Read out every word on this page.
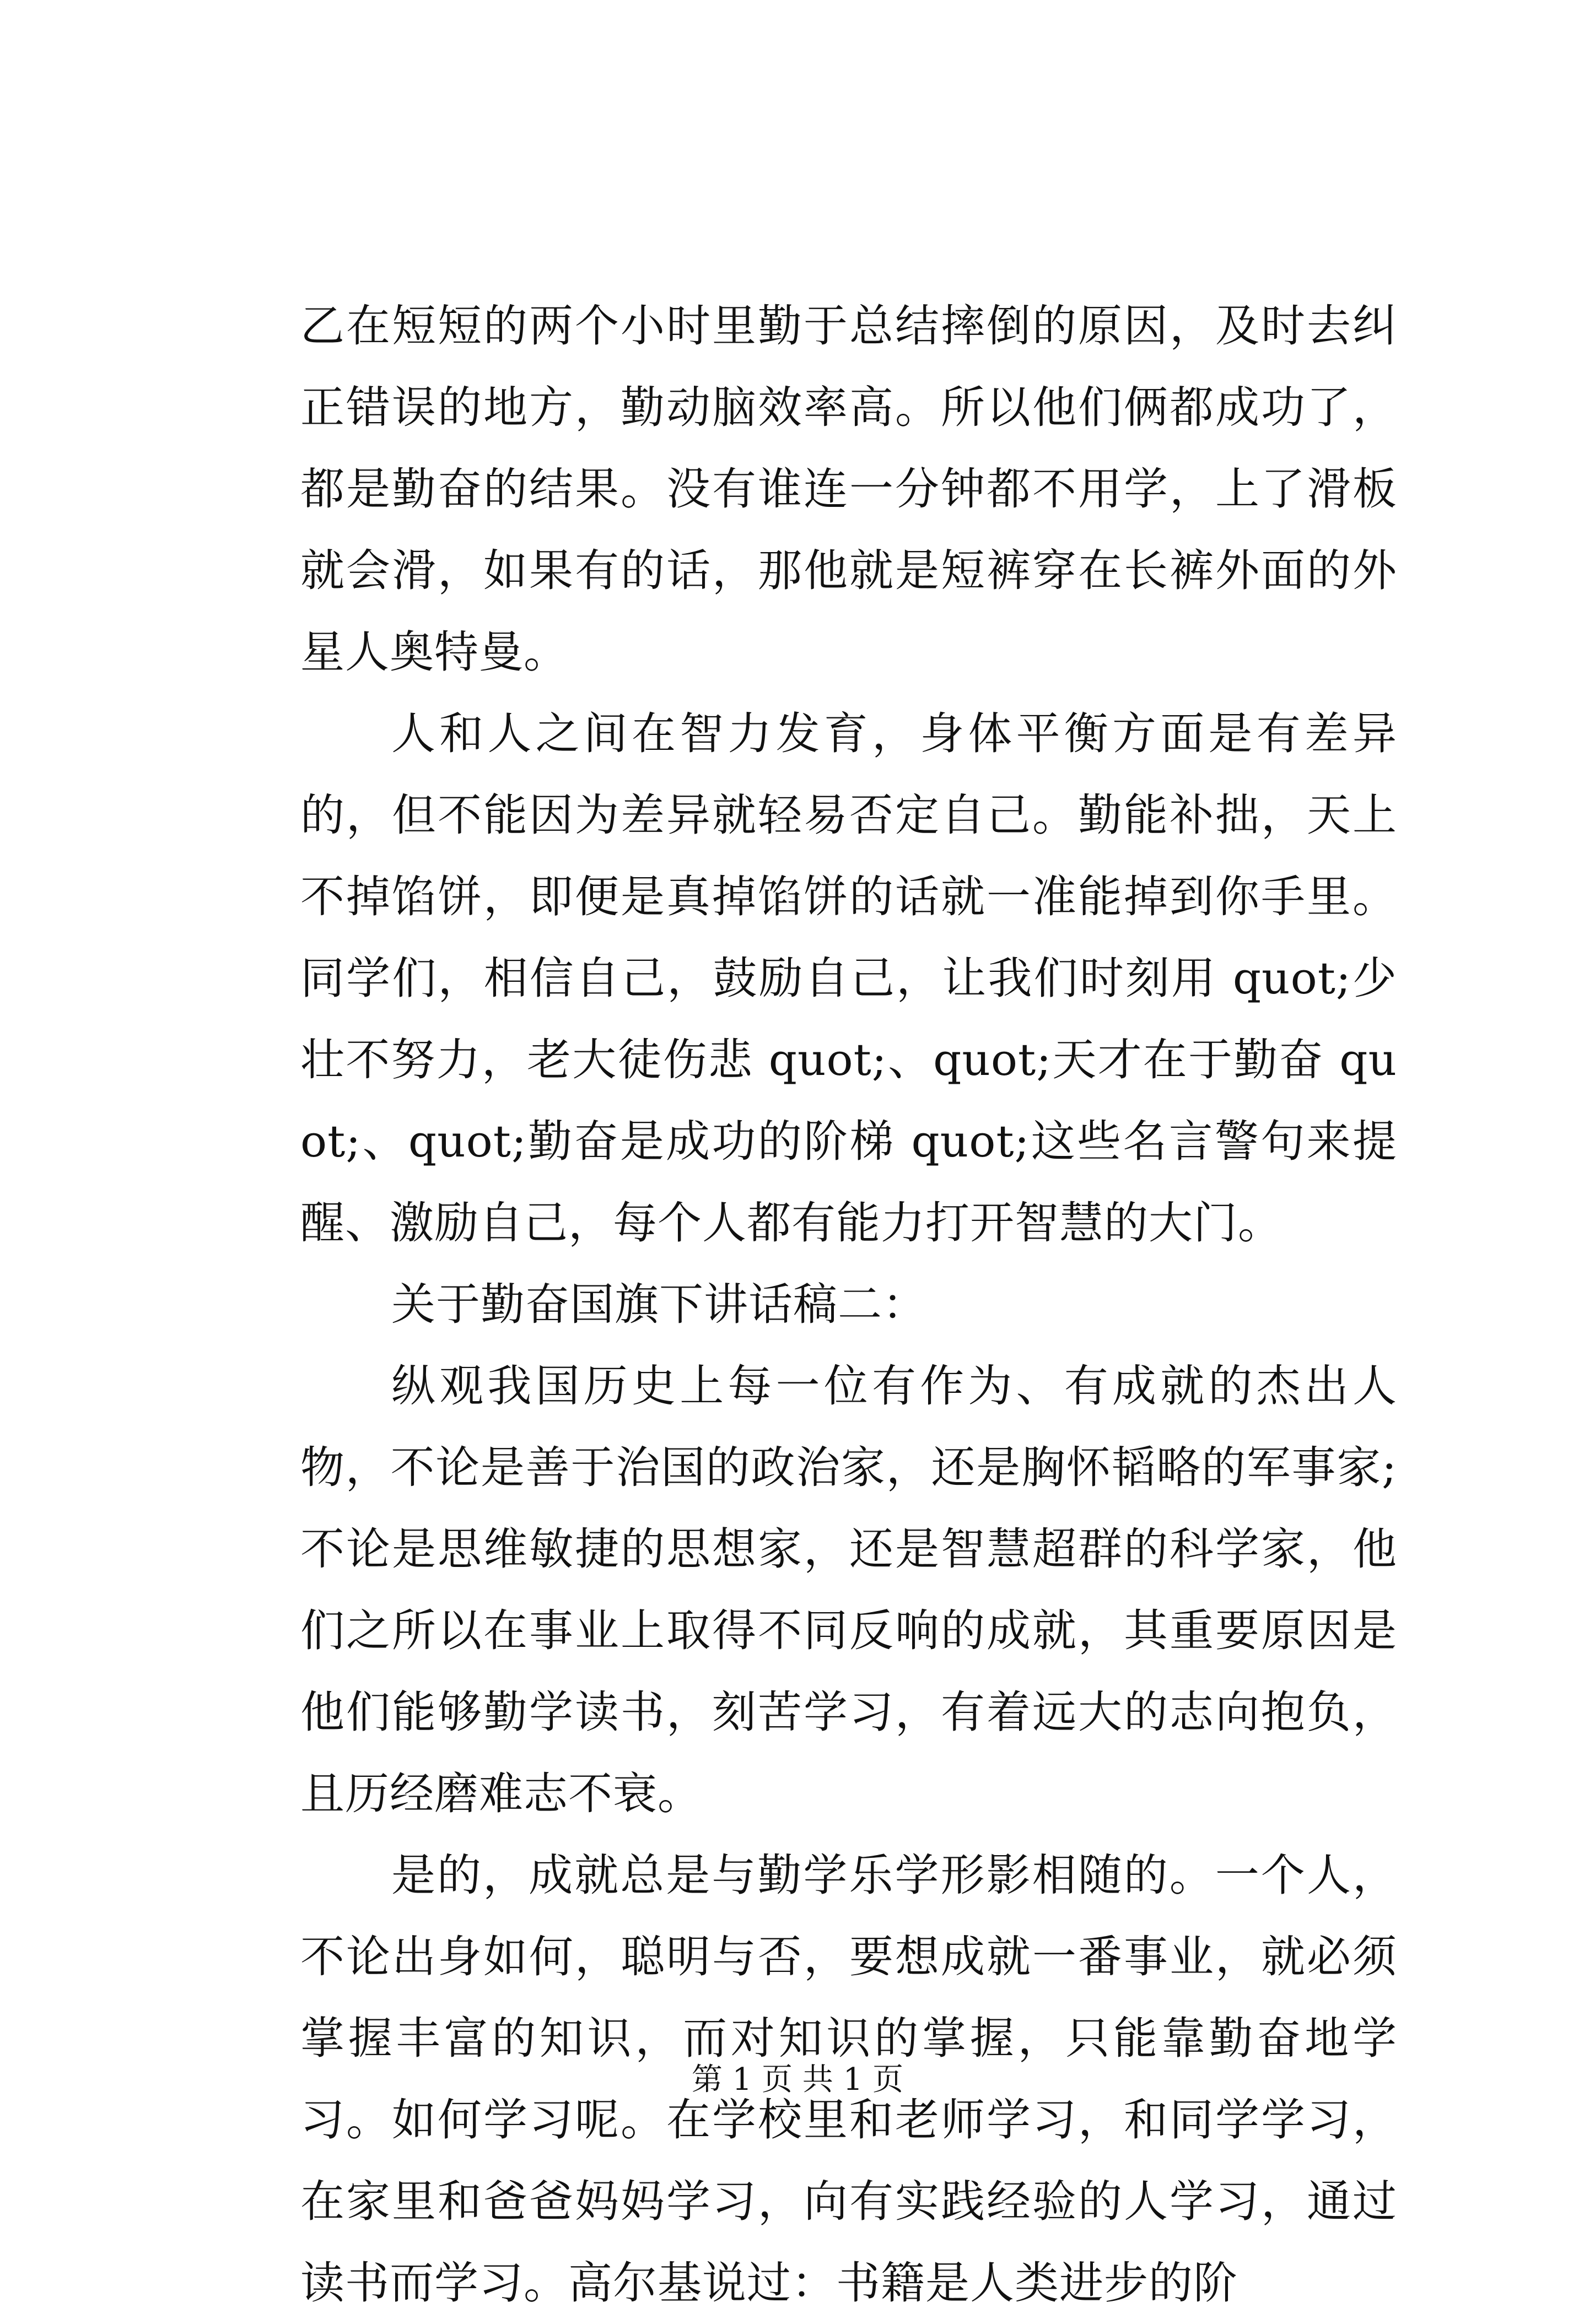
乙在短短的两个小时里勤于总结摔倒的原因，及时去纠正错误的地方，勤动脑效率高。所以他们俩都成功了，都是勤奋的结果。没有谁连一分钟都不用学，上了滑板就会滑，如果有的话，那他就是短裤穿在长裤外面的外星人奥特曼。

人和人之间在智力发育，身体平衡方面是有差异的，但不能因为差异就轻易否定自己。勤能补拙，天上不掉馅饼，即便是真掉馅饼的话就一准能掉到你手里。同学们，相信自己，鼓励自己，让我们时刻用 quot;少壮不努力，老大徒伤悲 quot;、quot;天才在于勤奋 quot;、quot;勤奋是成功的阶梯 quot;这些名言警句来提醒、激励自己，每个人都有能力打开智慧的大门。

关于勤奋国旗下讲话稿二：

纵观我国历史上每一位有作为、有成就的杰出人物，不论是善于治国的政治家，还是胸怀韬略的军事家;不论是思维敏捷的思想家，还是智慧超群的科学家，他们之所以在事业上取得不同反响的成就，其重要原因是他们能够勤学读书，刻苦学习，有着远大的志向抱负，且历经磨难志不衰。

是的，成就总是与勤学乐学形影相随的。一个人，不论出身如何，聪明与否，要想成就一番事业，就必须掌握丰富的知识，而对知识的掌握，只能靠勤奋地学习。如何学习呢。在学校里和老师学习，和同学学习，在家里和爸爸妈妈学习，向有实践经验的人学习，通过读书而学习。高尔基说过：书籍是人类进步的阶

第 1 页 共 1 页
